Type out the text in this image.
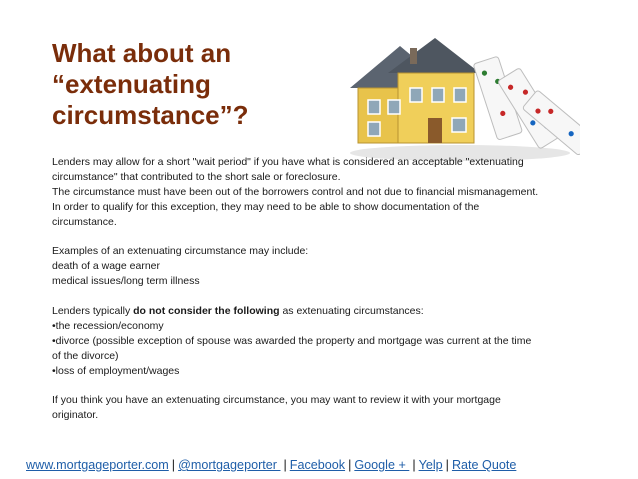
What about an
“extenuating
circumstance”?

Lenders may allow for a short "wait period" if you have what is considered an acceptable "extenuating

circumstance" that contributed to the short sale or foreclosure.

The circumstance must have been out of the borrowers control and not due to financial mismanagement.

In order to qualify for this exception, they may need to be able to show documentation of the

circumstance.

Examples of an extenuating circumstance may include:

death of a wage earner

medical issues/long term illness

Lenders typically do not consider the following as extenuating circumstances:

•the recession/economy

•divorce (possible exception of spouse was awarded the property and mortgage was current at the time

of the divorce)

•loss of employment/wages

If you think you have an extenuating circumstance, you may want to review it with your mortgage

originator.

www.mortgageporter.com | @mortgageporter | Facebook | Google + | Yelp | Rate Quote
